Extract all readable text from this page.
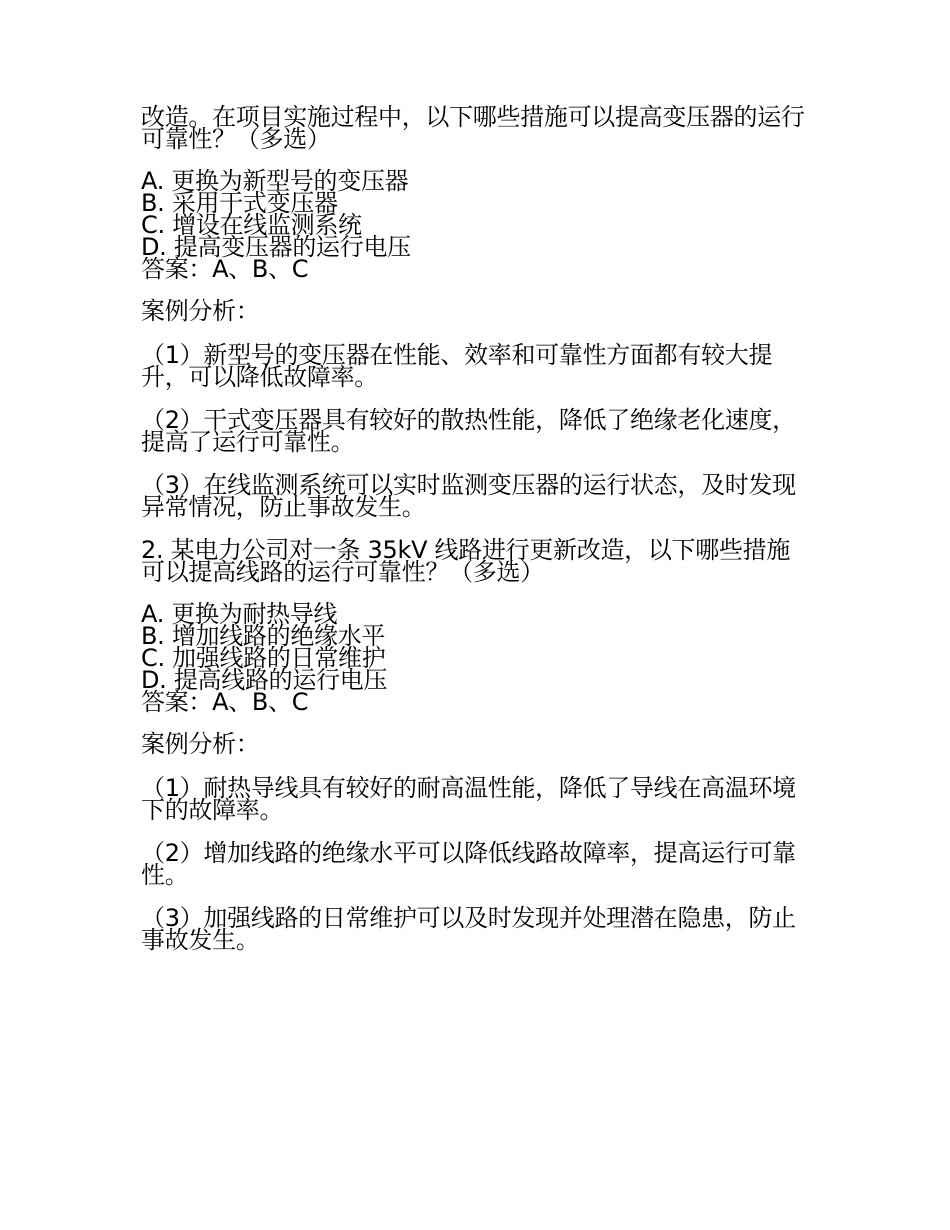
改造。在项目实施过程中，以下哪些措施可以提高变压器的运行可靠性？（多选）

A. 更换为新型号的变压器
B. 采用干式变压器
C. 增设在线监测系统
D. 提高变压器的运行电压
答案：A、B、C

案例分析：

（1）新型号的变压器在性能、效率和可靠性方面都有较大提升，可以降低故障率。

（2）干式变压器具有较好的散热性能，降低了绝缘老化速度，提高了运行可靠性。

（3）在线监测系统可以实时监测变压器的运行状态，及时发现异常情况，防止事故发生。

2. 某电力公司对一条 35kV 线路进行更新改造，以下哪些措施可以提高线路的运行可靠性？（多选）

A. 更换为耐热导线
B. 增加线路的绝缘水平
C. 加强线路的日常维护
D. 提高线路的运行电压
答案：A、B、C

案例分析：

（1）耐热导线具有较好的耐高温性能，降低了导线在高温环境下的故障率。

（2）增加线路的绝缘水平可以降低线路故障率，提高运行可靠性。

（3）加强线路的日常维护可以及时发现并处理潜在隐患，防止事故发生。
